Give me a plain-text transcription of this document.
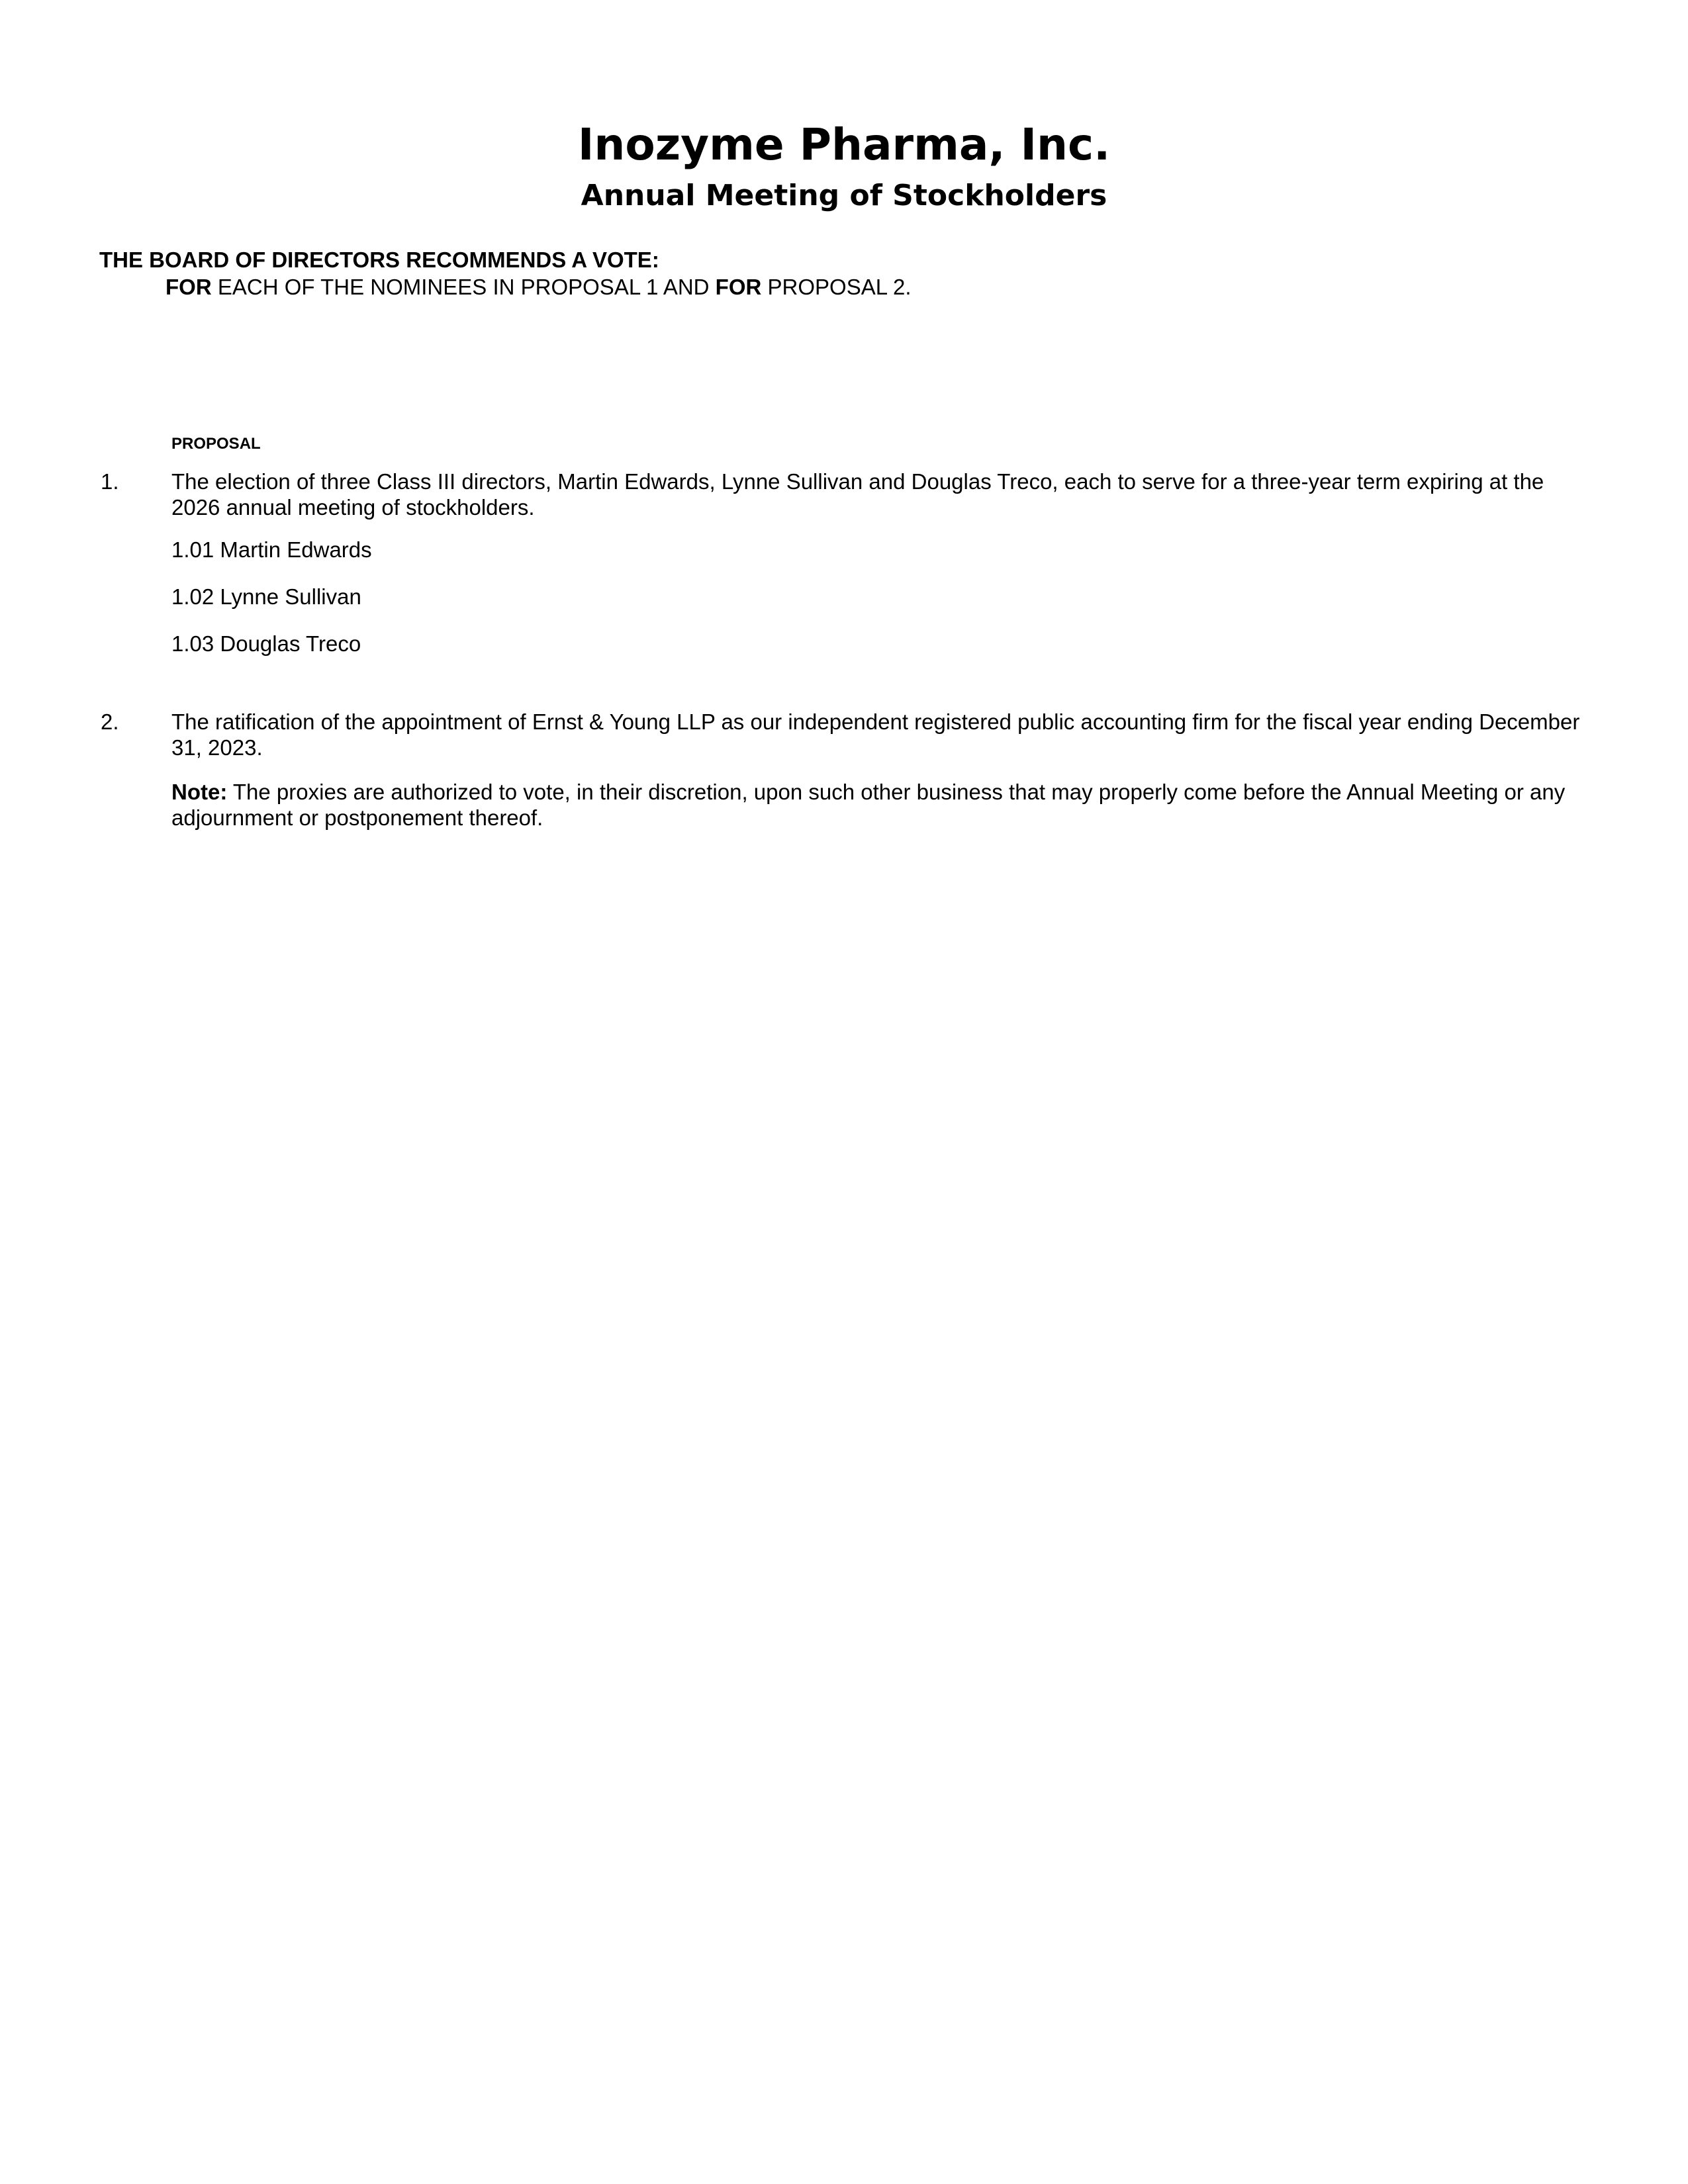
Inozyme Pharma, Inc.
Annual Meeting of Stockholders
THE BOARD OF DIRECTORS RECOMMENDS A VOTE:
FOR EACH OF THE NOMINEES IN PROPOSAL 1 AND FOR PROPOSAL 2.
PROPOSAL
1. The election of three Class III directors, Martin Edwards, Lynne Sullivan and Douglas Treco, each to serve for a three-year term expiring at the 2026 annual meeting of stockholders.
1.01 Martin Edwards
1.02 Lynne Sullivan
1.03 Douglas Treco
2. The ratification of the appointment of Ernst & Young LLP as our independent registered public accounting firm for the fiscal year ending December 31, 2023.
Note: The proxies are authorized to vote, in their discretion, upon such other business that may properly come before the Annual Meeting or any adjournment or postponement thereof.
